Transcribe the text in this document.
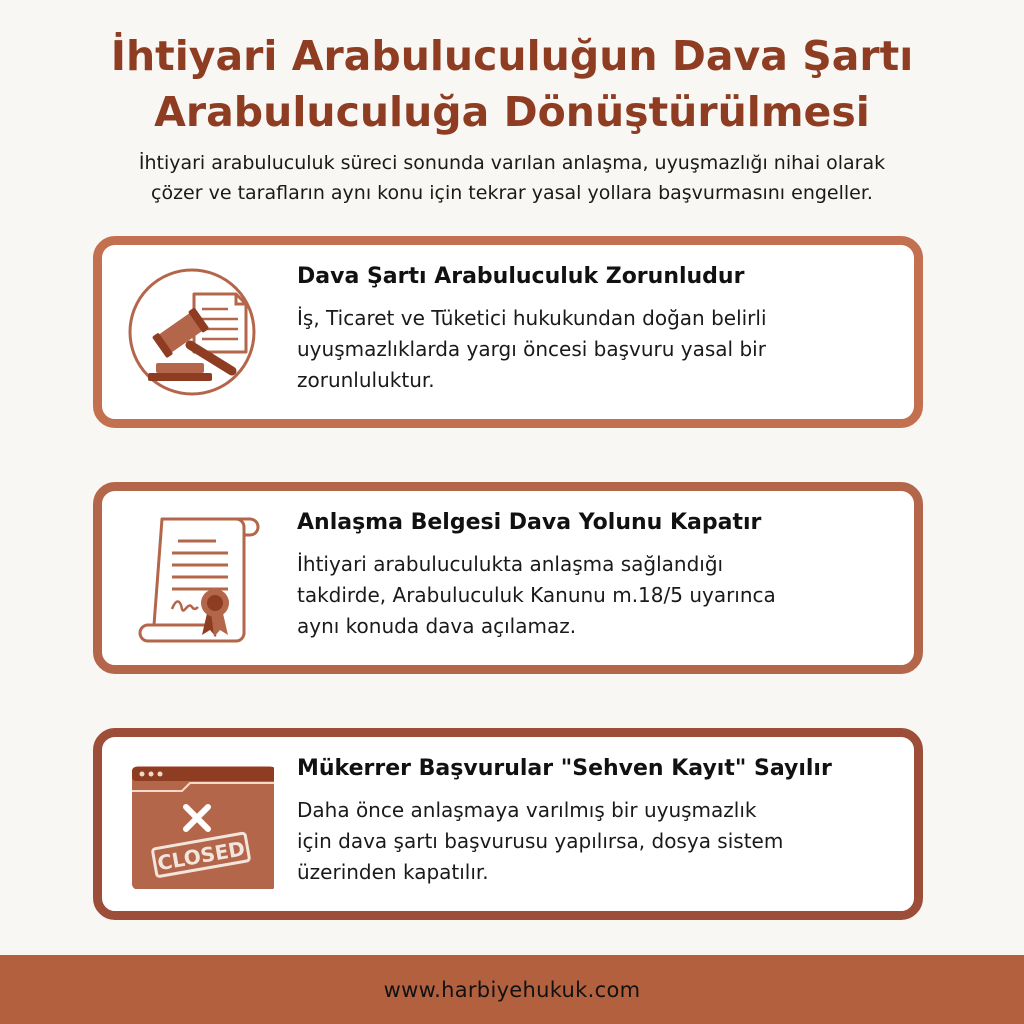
İhtiyari Arabuluculuğun Dava Şartı
Arabuluculuğa Dönüştürülmesi

İhtiyari arabuluculuk süreci sonunda varılan anlaşma, uyuşmazlığı nihai olarak
çözer ve tarafların aynı konu için tekrar yasal yollara başvurmasını engeller.

Dava Şartı Arabuluculuk Zorunludur

İş, Ticaret ve Tüketici hukukundan doğan belirli
uyuşmazlıklarda yargı öncesi başvuru yasal bir
zorunluluktur.

Anlaşma Belgesi Dava Yolunu Kapatır

İhtiyari arabuluculukta anlaşma sağlandığı
takdirde, Arabuluculuk Kanunu m.18/5 uyarınca
aynı konuda dava açılamaz.

CLOSED

Mükerrer Başvurular "Sehven Kayıt" Sayılır

Daha önce anlaşmaya varılmış bir uyuşmazlık
için dava şartı başvurusu yapılırsa, dosya sistem
üzerinden kapatılır.

www.harbiyehukuk.com
